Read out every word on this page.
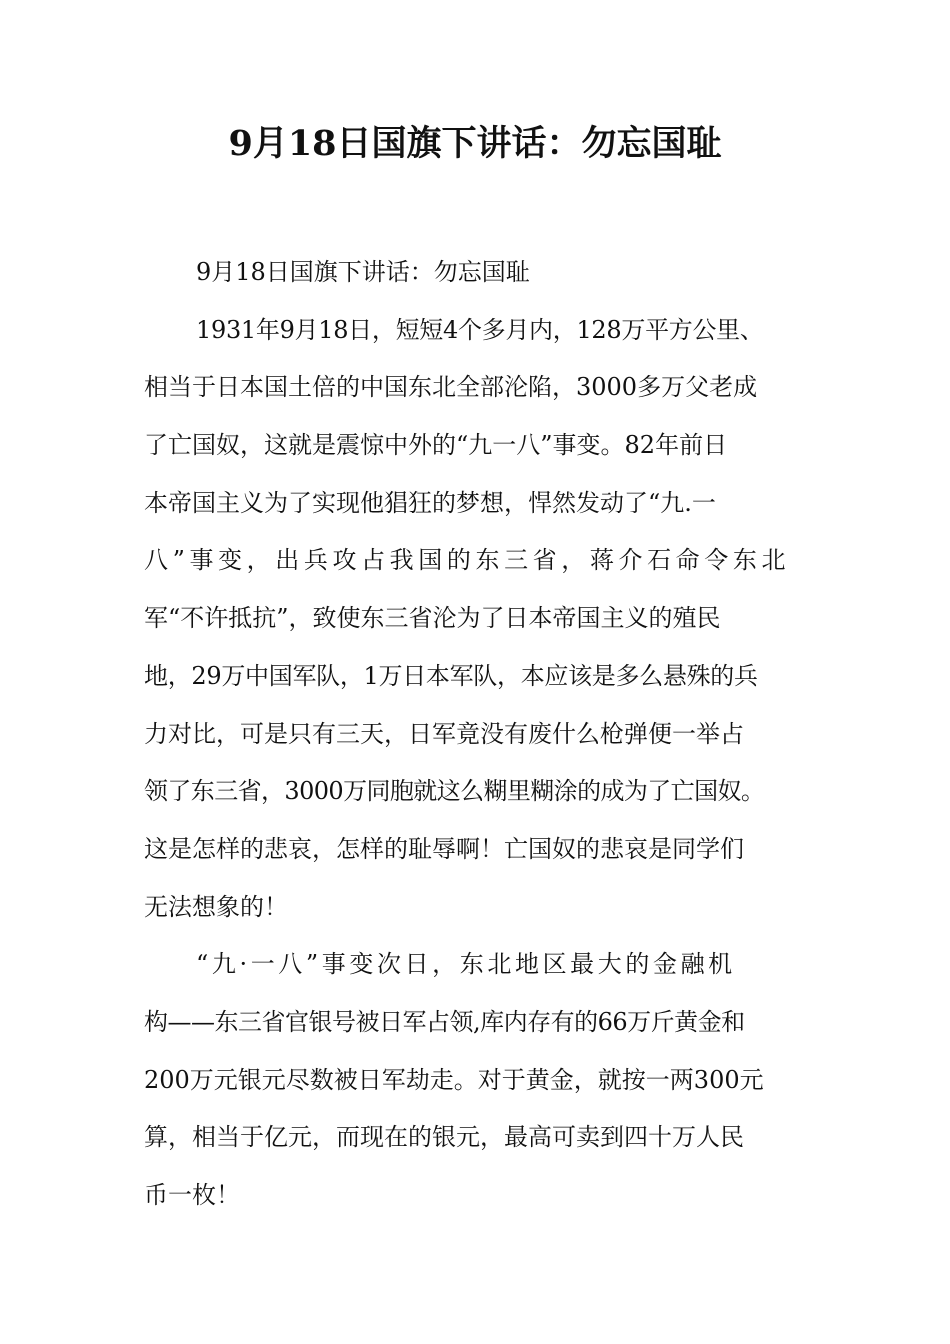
9月18日国旗下讲话：勿忘国耻

9月18日国旗下讲话：勿忘国耻

1931年9月18日，短短4个多月内，128万平方公里、

相当于日本国土倍的中国东北全部沦陷，3000多万父老成

了亡国奴，这就是震惊中外的“九一八”事变。82年前日

本帝国主义为了实现他猖狂的梦想，悍然发动了“九.一

八”事变，出兵攻占我国的东三省，蒋介石命令东北

军“不许抵抗”，致使东三省沦为了日本帝国主义的殖民

地，29万中国军队，1万日本军队，本应该是多么悬殊的兵

力对比，可是只有三天，日军竟没有废什么枪弹便一举占

领了东三省，3000万同胞就这么糊里糊涂的成为了亡国奴。

这是怎样的悲哀，怎样的耻辱啊！亡国奴的悲哀是同学们

无法想象的！

“九·一八”事变次日，东北地区最大的金融机

构——东三省官银号被日军占领,库内存有的66万斤黄金和

200万元银元尽数被日军劫走。对于黄金，就按一两300元

算，相当于亿元，而现在的银元，最高可卖到四十万人民

币一枚！
